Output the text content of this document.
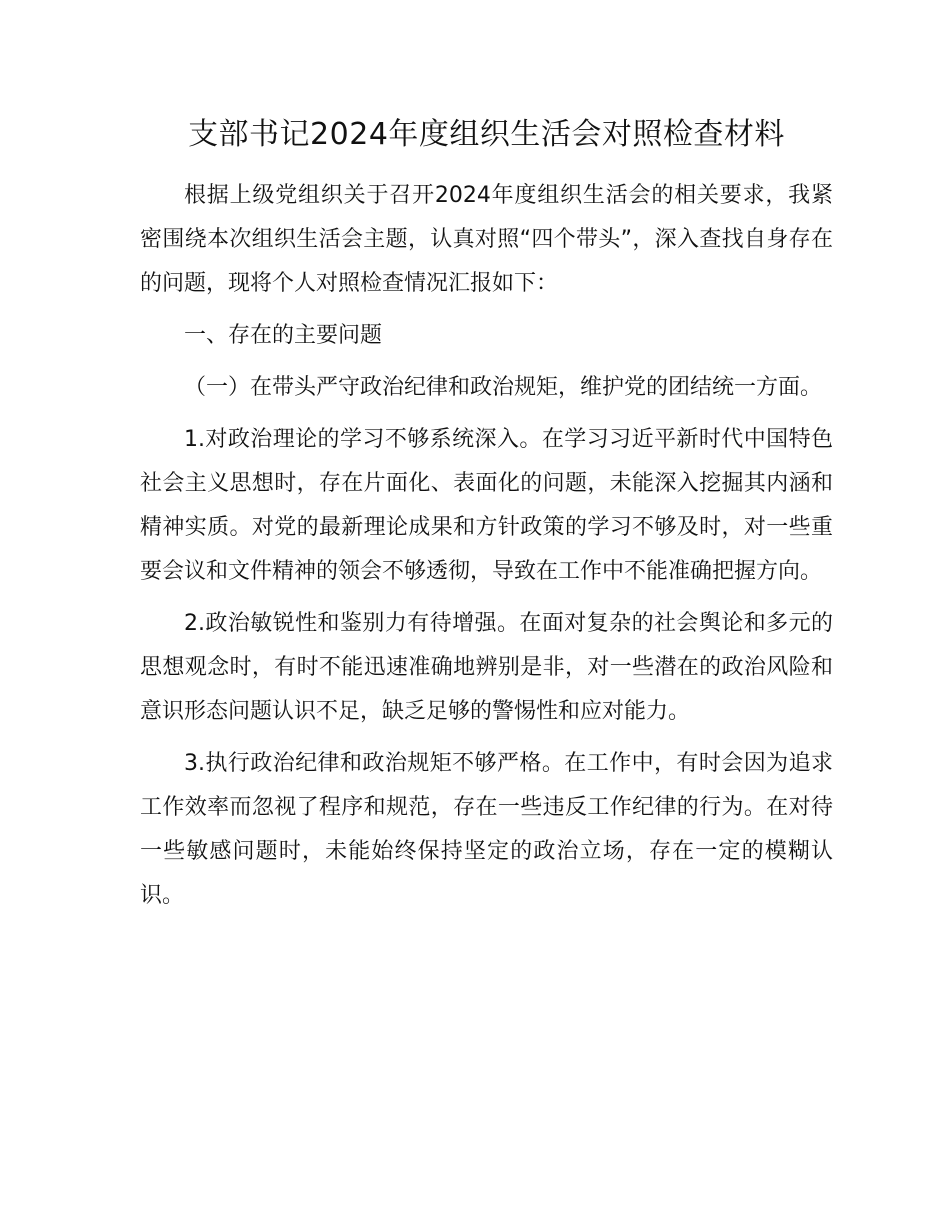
支部书记2024年度组织生活会对照检查材料

根据上级党组织关于召开2024年度组织生活会的相关要求，我紧密围绕本次组织生活会主题，认真对照“四个带头”，深入查找自身存在的问题，现将个人对照检查情况汇报如下：

一、存在的主要问题

（一）在带头严守政治纪律和政治规矩，维护党的团结统一方面。

1.对政治理论的学习不够系统深入。在学习习近平新时代中国特色社会主义思想时，存在片面化、表面化的问题，未能深入挖掘其内涵和精神实质。对党的最新理论成果和方针政策的学习不够及时，对一些重要会议和文件精神的领会不够透彻，导致在工作中不能准确把握方向。

2.政治敏锐性和鉴别力有待增强。在面对复杂的社会舆论和多元的思想观念时，有时不能迅速准确地辨别是非，对一些潜在的政治风险和意识形态问题认识不足，缺乏足够的警惕性和应对能力。

3.执行政治纪律和政治规矩不够严格。在工作中，有时会因为追求工作效率而忽视了程序和规范，存在一些违反工作纪律的行为。在对待一些敏感问题时，未能始终保持坚定的政治立场，存在一定的模糊认识。
